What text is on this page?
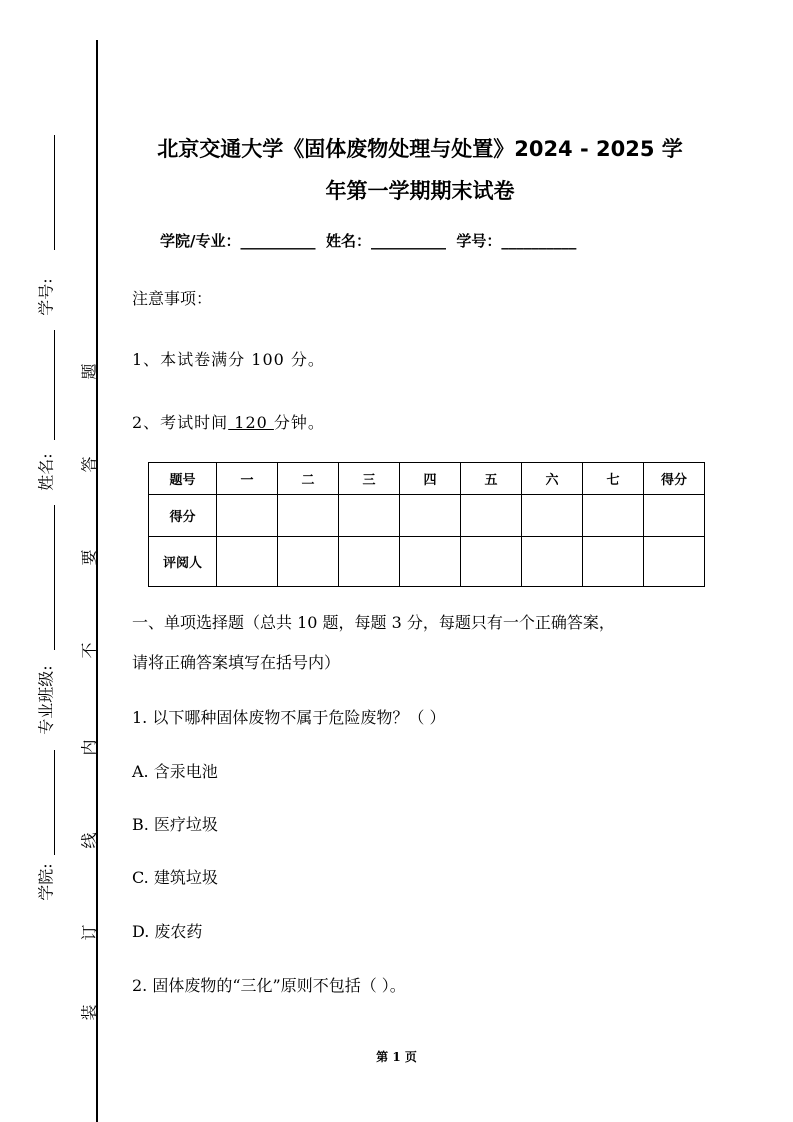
学号:
姓名:
专业班级:
学院:
题
答
要
不
内
线
订
装
北京交通大学《固体废物处理与处置》2024 - 2025 学
年第一学期期末试卷
学院/专业：__________ 姓名：__________ 学号：__________
注意事项：
1、本试卷满分 100 分。
2、考试时间 120 分钟。
题号	一	二	三	四	五	六	七	得分
得分								
评阅人								
一、单项选择题（总共 10 题，每题 3 分，每题只有一个正确答案，
请将正确答案填写在括号内）
1. 以下哪种固体废物不属于危险废物？（ ）
A. 含汞电池
B. 医疗垃圾
C. 建筑垃圾
D. 废农药
2. 固体废物的“三化”原则不包括（ ）。
第 1 页
